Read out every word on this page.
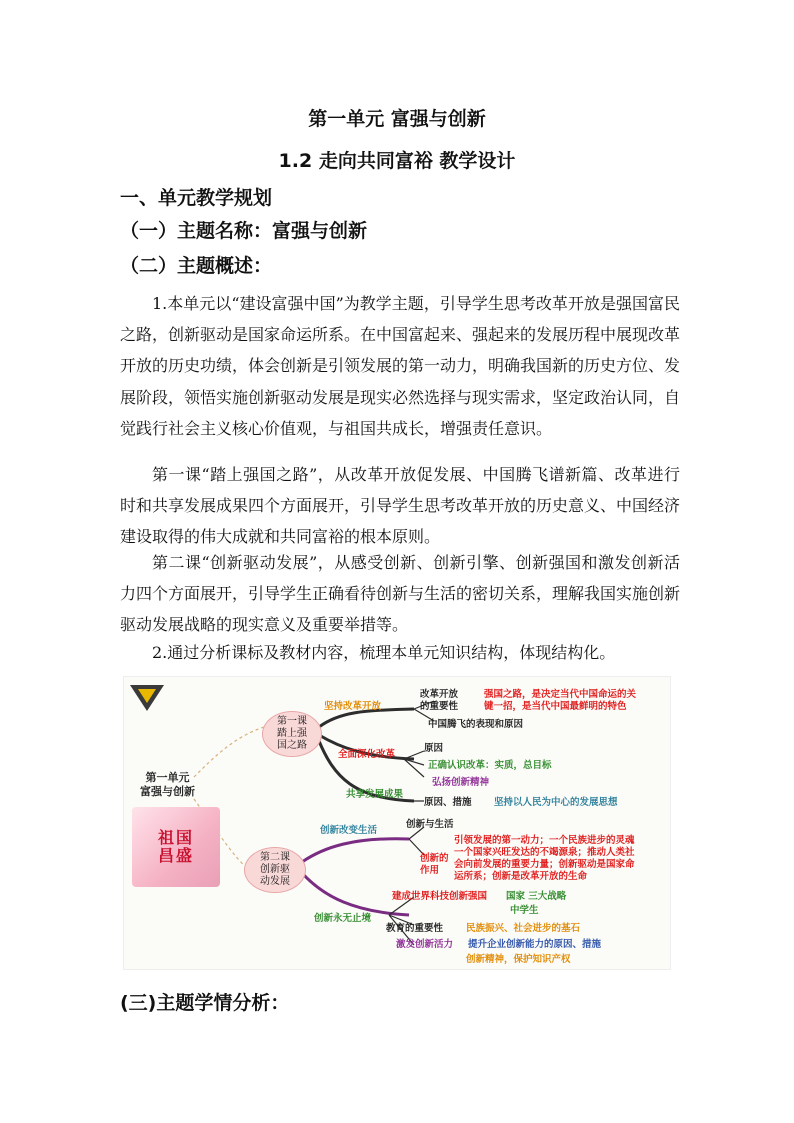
第一单元 富强与创新
1.2 走向共同富裕 教学设计
一、单元教学规划
（一）主题名称：富强与创新
（二）主题概述：

1.本单元以“建设富强中国”为教学主题，引导学生思考改革开放是强国富民之路，创新驱动是国家命运所系。在中国富起来、强起来的发展历程中展现改革开放的历史功绩，体会创新是引领发展的第一动力，明确我国新的历史方位、发展阶段，领悟实施创新驱动发展是现实必然选择与现实需求，坚定政治认同，自觉践行社会主义核心价值观，与祖国共成长，增强责任意识。

第一课“踏上强国之路”，从改革开放促发展、中国腾飞谱新篇、改革进行时和共享发展成果四个方面展开，引导学生思考改革开放的历史意义、中国经济建设取得的伟大成就和共同富裕的根本原则。

第二课“创新驱动发展”，从感受创新、创新引擎、创新强国和激发创新活力四个方面展开，引导学生正确看待创新与生活的密切关系，理解我国实施创新驱动发展战略的现实意义及重要举措等。

2.通过分析课标及教材内容，梳理本单元知识结构，体现结构化。

第一单元
富强与创新
祖国昌盛
第一课
踏上强
国之路
第二课
创新驱
动发展
坚持改革开放
改革开放
的重要性
强国之路，是决定当代中国命运的关
键一招，是当代中国最鲜明的特色
中国腾飞的表现和原因
全面深化改革
原因
正确认识改革：实质，总目标
弘扬创新精神
共享发展成果
原因、措施 坚持以人民为中心的发展思想
创新改变生活
创新与生活
创新的
作用
引领发展的第一动力；一个民族进步的灵魂
一个国家兴旺发达的不竭源泉；推动人类社
会向前发展的重要力量；创新驱动是国家命
运所系；创新是改革开放的生命
创新永无止境
建成世界科技创新强国 国家 三大战略
中学生
教育的重要性 民族振兴、社会进步的基石
激发创新活力 提升企业创新能力的原因、措施
创新精神，保护知识产权
(三)主题学情分析：
